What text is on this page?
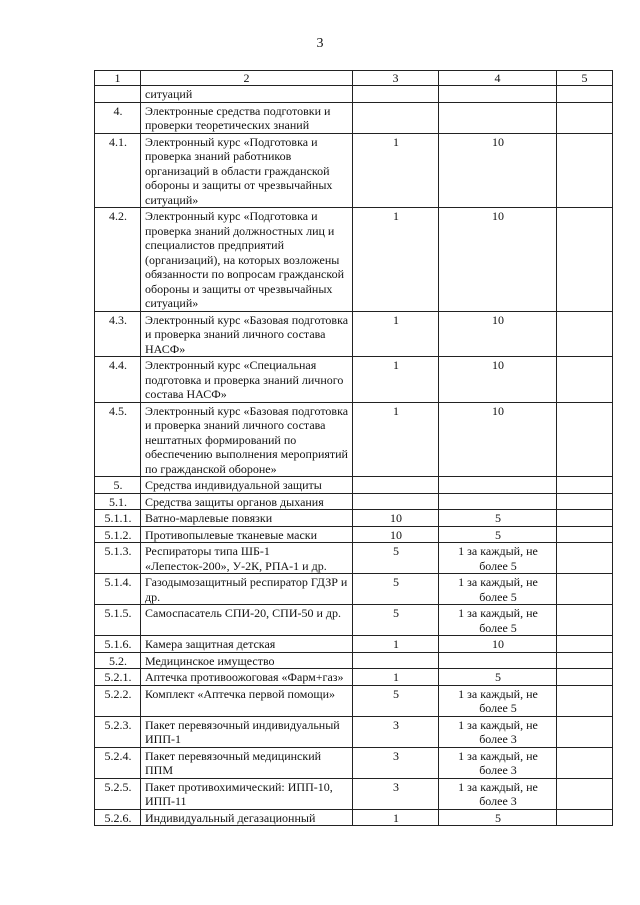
3
1	2	3	4	5
	ситуаций			
4.	Электронные средства подготовки и проверки теоретических знаний			
4.1.	Электронный курс «Подготовка и проверка знаний работников организаций в области гражданской обороны и защиты от чрезвычайных ситуаций»	1	10	
4.2.	Электронный курс «Подготовка и проверка знаний должностных лиц и специалистов предприятий (организаций), на которых возложены обязанности по вопросам гражданской обороны и защиты от чрезвычайных ситуаций»	1	10	
4.3.	Электронный курс «Базовая подготовка и проверка знаний личного состава НАСФ»	1	10	
4.4.	Электронный курс «Специальная подготовка и проверка знаний личного состава НАСФ»	1	10	
4.5.	Электронный курс «Базовая подготовка и проверка знаний личного состава нештатных формирований по обеспечению выполнения мероприятий по гражданской обороне»	1	10	
5.	Средства индивидуальной защиты			
5.1.	Средства защиты органов дыхания			
5.1.1.	Ватно-марлевые повязки	10	5	
5.1.2.	Противопылевые тканевые маски	10	5	
5.1.3.	Респираторы типа ШБ-1 «Лепесток-200», У-2К, РПА-1 и др.	5	1 за каждый, не более 5	
5.1.4.	Газодымозащитный респиратор ГДЗР и др.	5	1 за каждый, не более 5	
5.1.5.	Самоспасатель СПИ-20, СПИ-50 и др.	5	1 за каждый, не более 5	
5.1.6.	Камера защитная детская	1	10	
5.2.	Медицинское имущество			
5.2.1.	Аптечка противоожоговая «Фарм+газ»	1	5	
5.2.2.	Комплект «Аптечка первой помощи»	5	1 за каждый, не более 5	
5.2.3.	Пакет перевязочный индивидуальный ИПП-1	3	1 за каждый, не более 3	
5.2.4.	Пакет перевязочный медицинский ППМ	3	1 за каждый, не более 3	
5.2.5.	Пакет противохимический: ИПП-10, ИПП-11	3	1 за каждый, не более 3	
5.2.6.	Индивидуальный дегазационный	1	5	
